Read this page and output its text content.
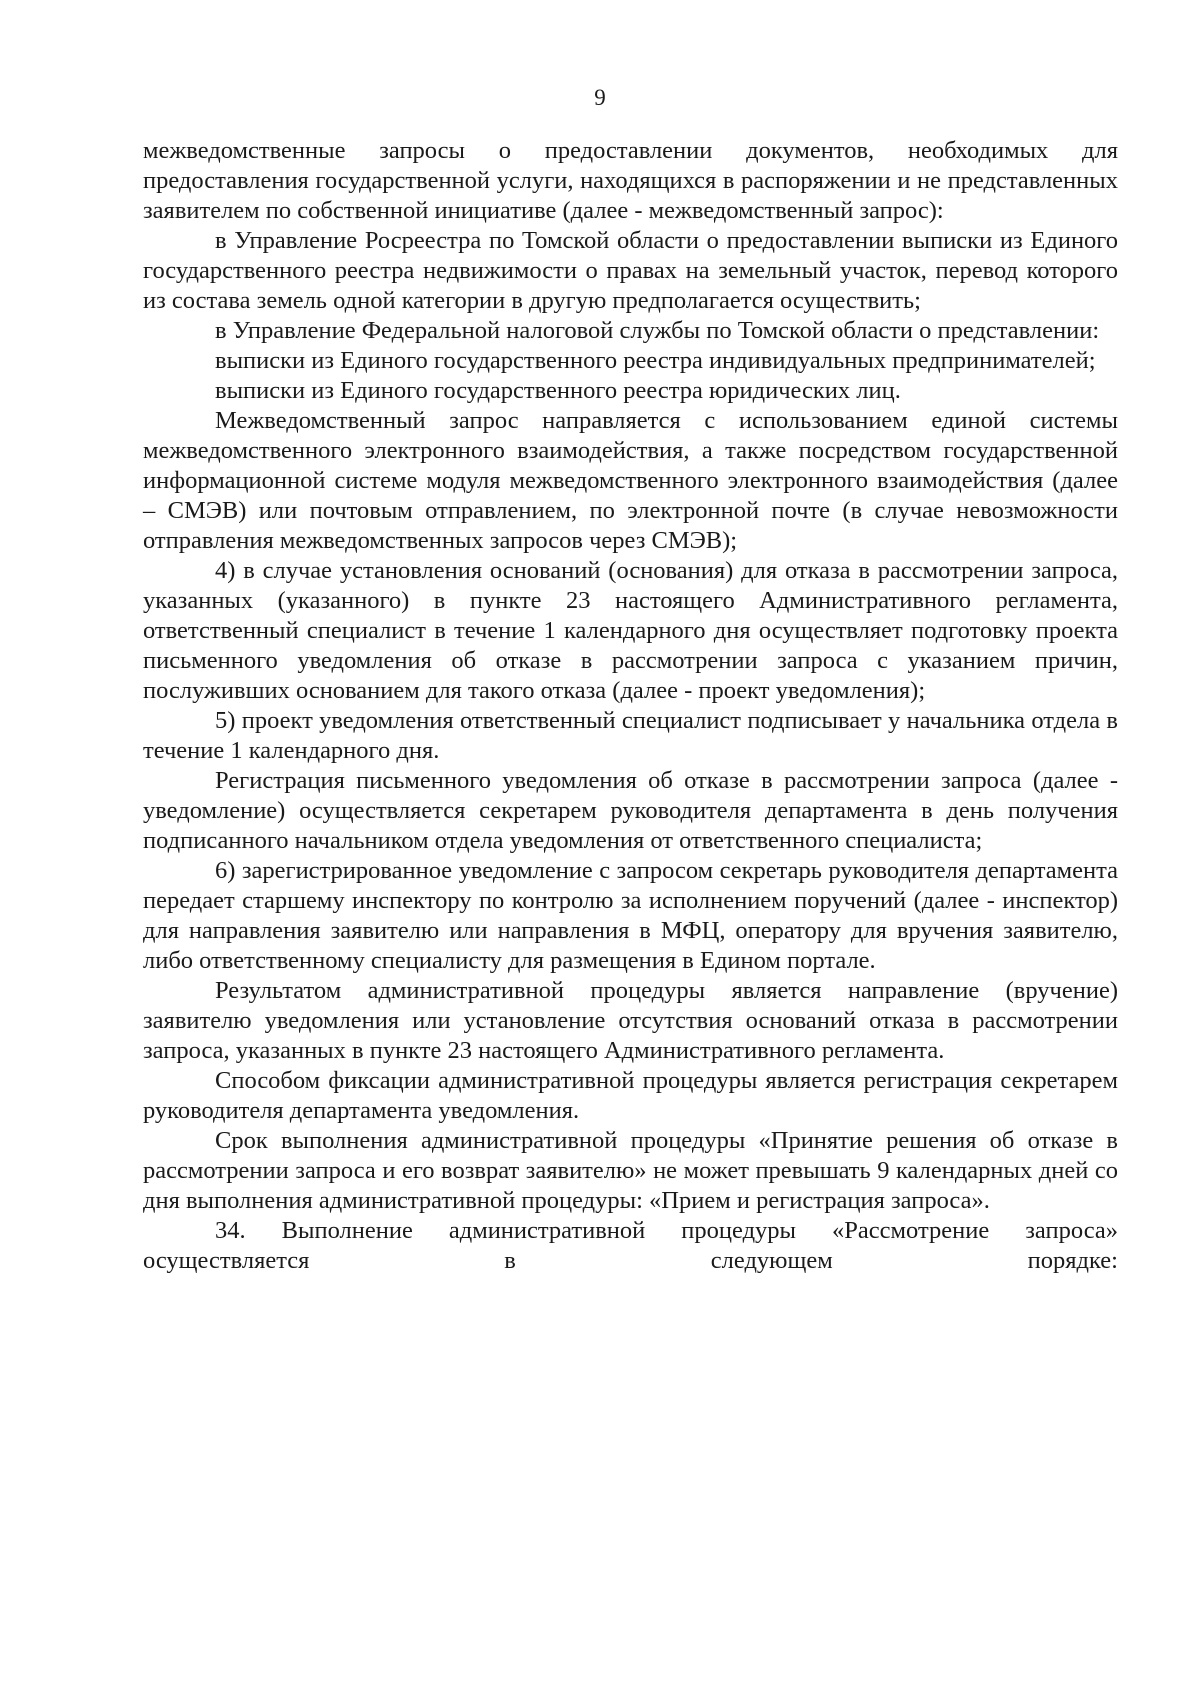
9

межведомственные запросы о предоставлении документов, необходимых для предоставления государственной услуги, находящихся в распоряжении и не представленных заявителем по собственной инициативе (далее - межведомственный запрос):

в Управление Росреестра по Томской области о предоставлении выписки из Единого государственного реестра недвижимости о правах на земельный участок, перевод которого из состава земель одной категории в другую предполагается осуществить;

в Управление Федеральной налоговой службы по Томской области о представлении:

выписки из Единого государственного реестра индивидуальных предпринимателей;

выписки из Единого государственного реестра юридических лиц.

Межведомственный запрос направляется с использованием единой системы межведомственного электронного взаимодействия, а также посредством государственной информационной системе модуля межведомственного электронного взаимодействия (далее – СМЭВ) или почтовым отправлением, по электронной почте (в случае невозможности отправления межведомственных запросов через СМЭВ);

4) в случае установления оснований (основания) для отказа в рассмотрении запроса, указанных (указанного) в пункте 23 настоящего Административного регламента, ответственный специалист в течение 1 календарного дня осуществляет подготовку проекта письменного уведомления об отказе в рассмотрении запроса с указанием причин, послуживших основанием для такого отказа (далее - проект уведомления);

5) проект уведомления ответственный специалист подписывает у начальника отдела в течение 1 календарного дня.

Регистрация письменного уведомления об отказе в рассмотрении запроса (далее - уведомление) осуществляется секретарем руководителя департамента в день получения подписанного начальником отдела уведомления от ответственного специалиста;

6) зарегистрированное уведомление с запросом секретарь руководителя департамента передает старшему инспектору по контролю за исполнением поручений (далее - инспектор) для направления заявителю или направления в МФЦ, оператору для вручения заявителю, либо ответственному специалисту для размещения в Едином портале.

Результатом административной процедуры является направление (вручение) заявителю уведомления или установление отсутствия оснований отказа в рассмотрении запроса, указанных в пункте 23 настоящего Административного регламента.

Способом фиксации административной процедуры является регистрация секретарем руководителя департамента уведомления.

Срок выполнения административной процедуры «Принятие решения об отказе в рассмотрении запроса и его возврат заявителю» не может превышать 9 календарных дней со дня выполнения административной процедуры: «Прием и регистрация запроса».

34. Выполнение административной процедуры «Рассмотрение запроса» осуществляется в следующем порядке:
